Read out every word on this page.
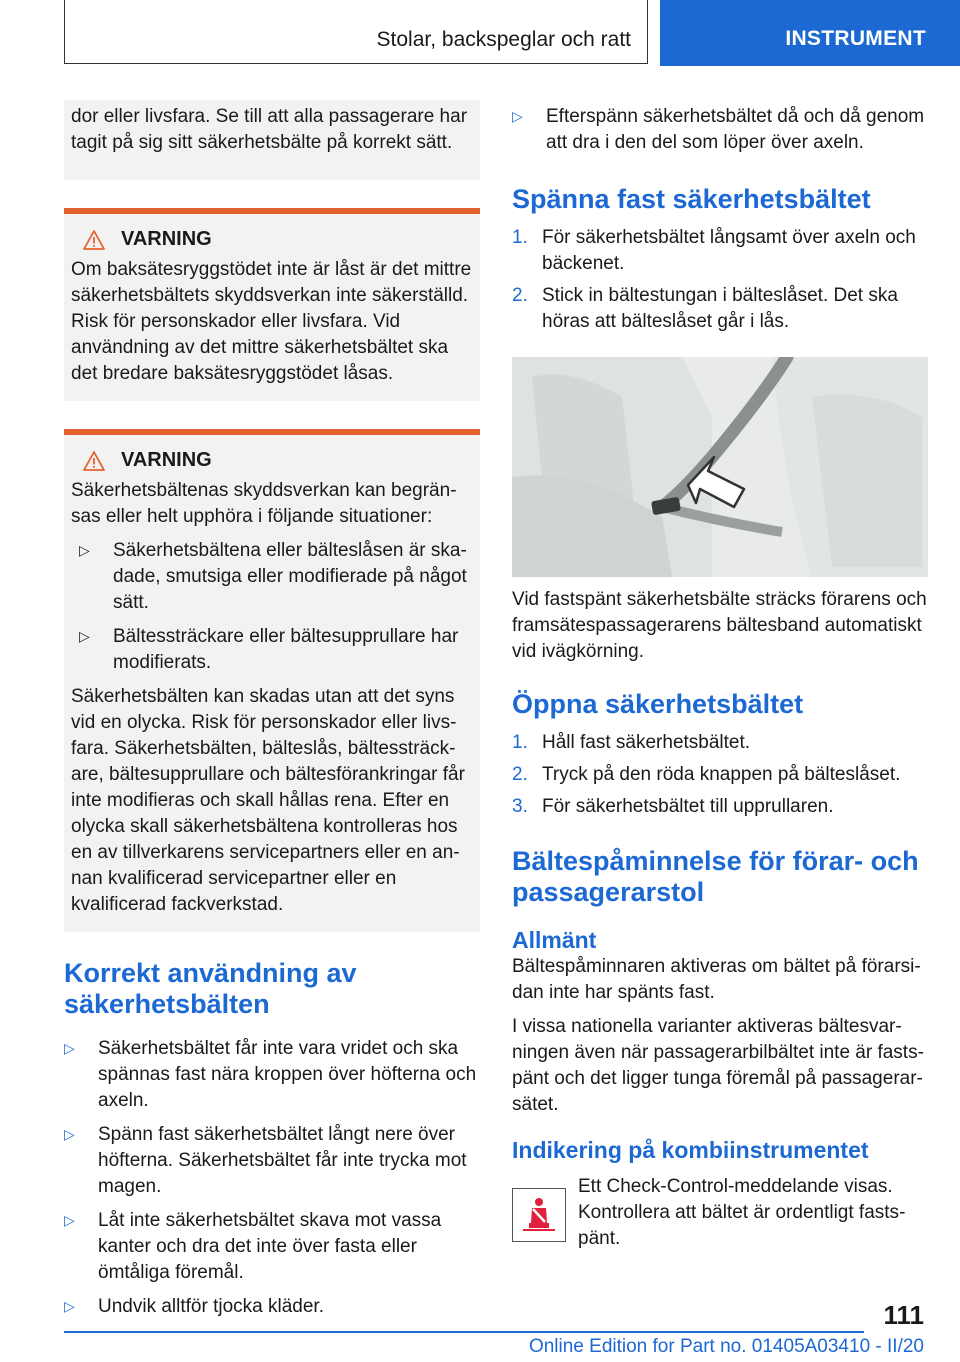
Stolar, backspeglar och ratt	INSTRUMENT

dor eller livsfara. Se till att alla passagerare har tagit på sig sitt säkerhetsbälte på korrekt sätt.

VARNING

Om baksätesryggstödet inte är låst är det mittre säkerhetsbältets skyddsverkan inte säkerställd. Risk för personskador eller livsfara. Vid användning av det mittre säkerhetsbältet ska det bredare baksätesryggstödet låsas.

VARNING

Säkerhetsbältenas skyddsverkan kan begränsas eller helt upphöra i följande situationer:

▷	Säkerhetsbältena eller bälteslåsen är skadade, smutsiga eller modifierade på något sätt.
▷	Bältessträckare eller bältesupprullare har modifierats.

Säkerhetsbälten kan skadas utan att det syns vid en olycka. Risk för personskador eller livsfara. Säkerhetsbälten, bälteslås, bältessträckare, bältesupprullare och bältesförankringar får inte modifieras och skall hållas rena. Efter en olycka skall säkerhetsbältena kontrolleras hos en av tillverkarens servicepartners eller en annan kvalificerad servicepartner eller en kvalificerad fackverkstad.

Korrekt användning av säkerhetsbälten
▷	Säkerhetsbältet får inte vara vridet och ska spännas fast nära kroppen över höfterna och axeln.
▷	Spänn fast säkerhetsbältet långt nere över höfterna. Säkerhetsbältet får inte trycka mot magen.
▷	Låt inte säkerhetsbältet skava mot vassa kanter och dra det inte över fasta eller ömtåliga föremål.
▷	Undvik alltför tjocka kläder.
▷	Efterspänn säkerhetsbältet då och då genom att dra i den del som löper över axeln.
Spänna fast säkerhetsbältet
1. För säkerhetsbältet långsamt över axeln och bäckenet.
2. Stick in bältestungan i bälteslåset. Det ska höras att bälteslåset går i lås.

Vid fastspänt säkerhetsbälte sträcks förarens och framsätespassagerarens bältesband automatiskt vid ivägkörning.

Öppna säkerhetsbältet
1. Håll fast säkerhetsbältet.
2. Tryck på den röda knappen på bälteslåset.
3. För säkerhetsbältet till upprullaren.
Bältespåminnelse för förar- och passagerarstol
Allmänt

Bältespåminnaren aktiveras om bältet på förarsidan inte har spänts fast.

I vissa nationella varianter aktiveras bältesvarningen även när passagerarbilbältet inte är fastspänt och det ligger tunga föremål på passagerarsätet.

Indikering på kombiinstrumentet

Ett Check-Control-meddelande visas. Kontrollera att bältet är ordentligt fastspänt.

111
Online Edition for Part no. 01405A03410 - II/20
